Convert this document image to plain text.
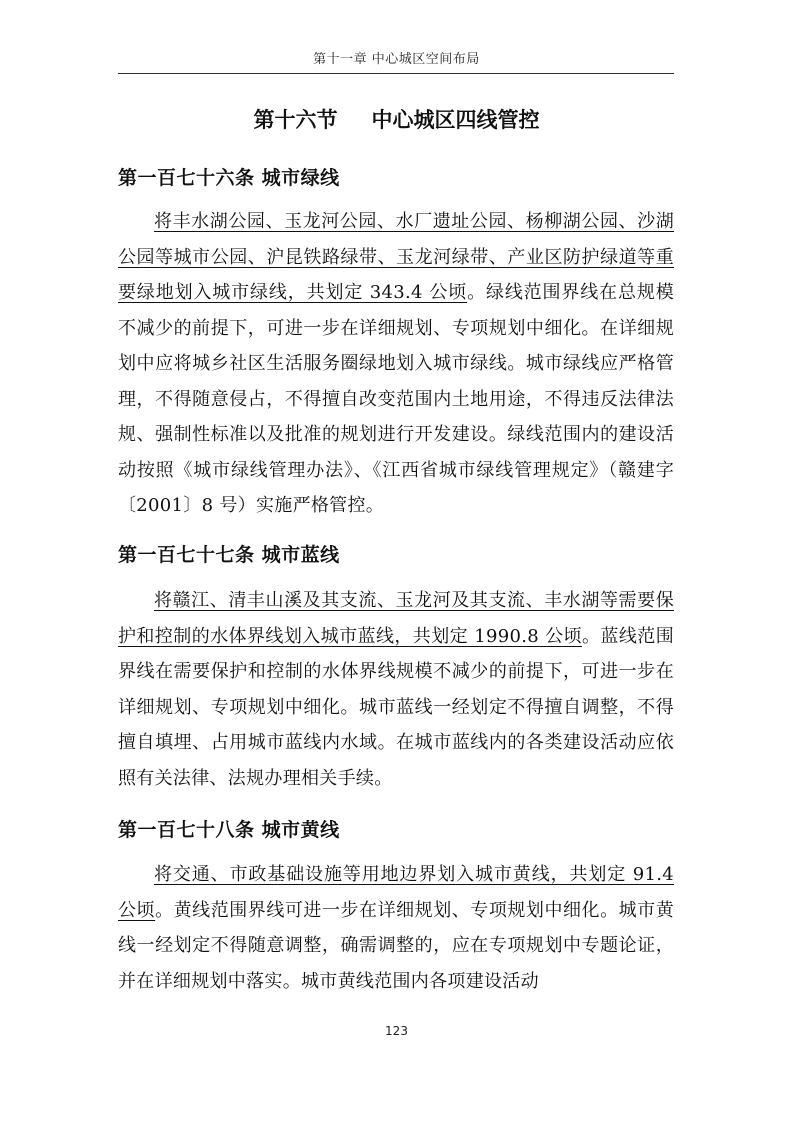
第十一章 中心城区空间布局
第十六节 中心城区四线管控
第一百七十六条 城市绿线

将丰水湖公园、玉龙河公园、水厂遗址公园、杨柳湖公园、沙湖公园等城市公园、沪昆铁路绿带、玉龙河绿带、产业区防护绿道等重要绿地划入城市绿线，共划定 343.4 公顷。绿线范围界线在总规模不减少的前提下，可进一步在详细规划、专项规划中细化。在详细规划中应将城乡社区生活服务圈绿地划入城市绿线。城市绿线应严格管理，不得随意侵占，不得擅自改变范围内土地用途，不得违反法律法规、强制性标准以及批准的规划进行开发建设。绿线范围内的建设活动按照《城市绿线管理办法》、《江西省城市绿线管理规定》（赣建字〔2001〕8 号）实施严格管控。

第一百七十七条 城市蓝线

将赣江、清丰山溪及其支流、玉龙河及其支流、丰水湖等需要保护和控制的水体界线划入城市蓝线，共划定 1990.8 公顷。蓝线范围界线在需要保护和控制的水体界线规模不减少的前提下，可进一步在详细规划、专项规划中细化。城市蓝线一经划定不得擅自调整，不得擅自填埋、占用城市蓝线内水域。在城市蓝线内的各类建设活动应依照有关法律、法规办理相关手续。

第一百七十八条 城市黄线

将交通、市政基础设施等用地边界划入城市黄线，共划定 91.4 公顷。黄线范围界线可进一步在详细规划、专项规划中细化。城市黄线一经划定不得随意调整，确需调整的，应在专项规划中专题论证，并在详细规划中落实。城市黄线范围内各项建设活动

123
